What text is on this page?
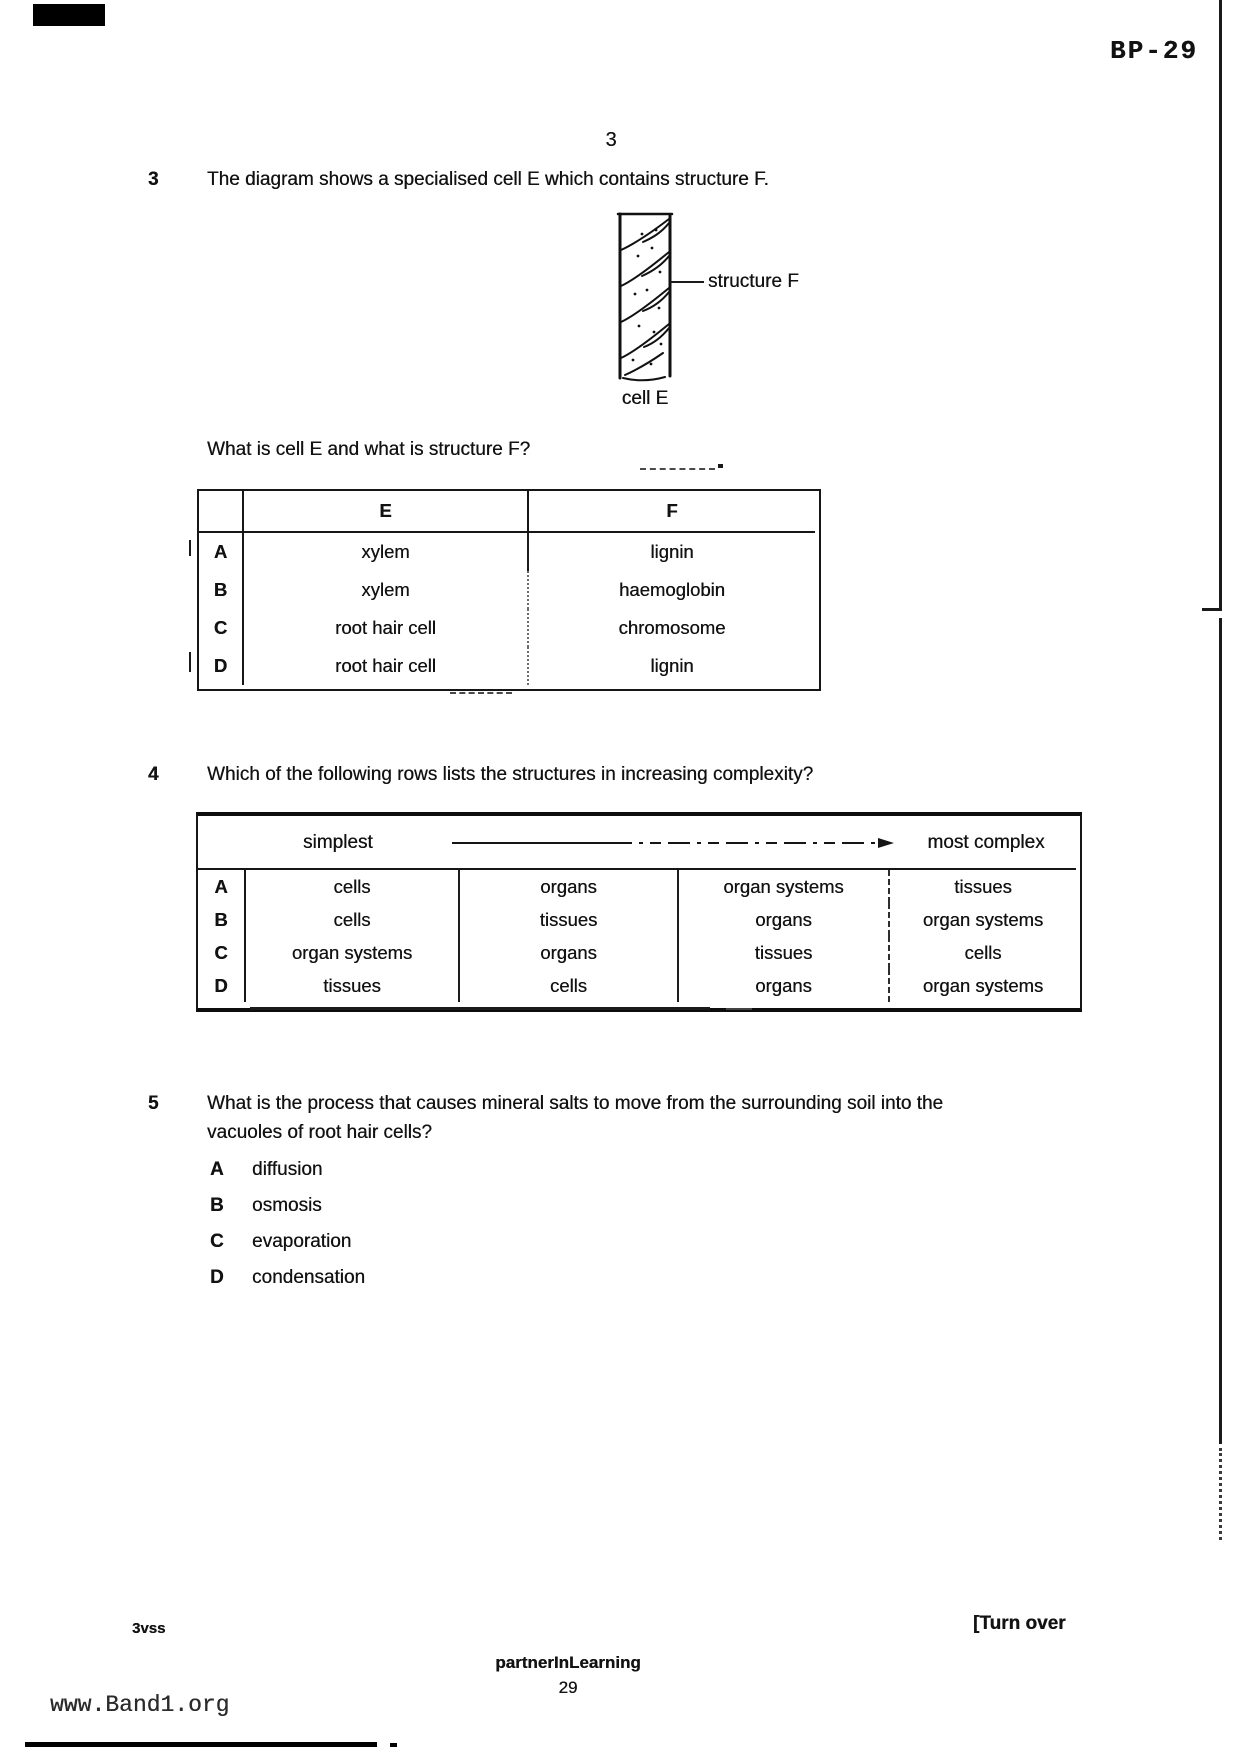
BP-29
3
3	The diagram shows a specialised cell E which contains structure F.
structure F
cell E
What is cell E and what is structure F?
E	F
A	xylem	lignin
B	xylem	haemoglobin
C	root hair cell	chromosome
D	root hair cell	lignin
4	Which of the following rows lists the structures in increasing complexity?
simplest	most complex
A	cells	organs	organ systems	tissues
B	cells	tissues	organs	organ systems
C	organ systems	organs	tissues	cells
D	tissues	cells	organs	organ systems
5	What is the process that causes mineral salts to move from the surrounding soil into the
vacuoles of root hair cells?
A diffusion
B osmosis
C evaporation
D condensation
3vss	[Turn over
partnerInLearning
29
www.Band1.org
